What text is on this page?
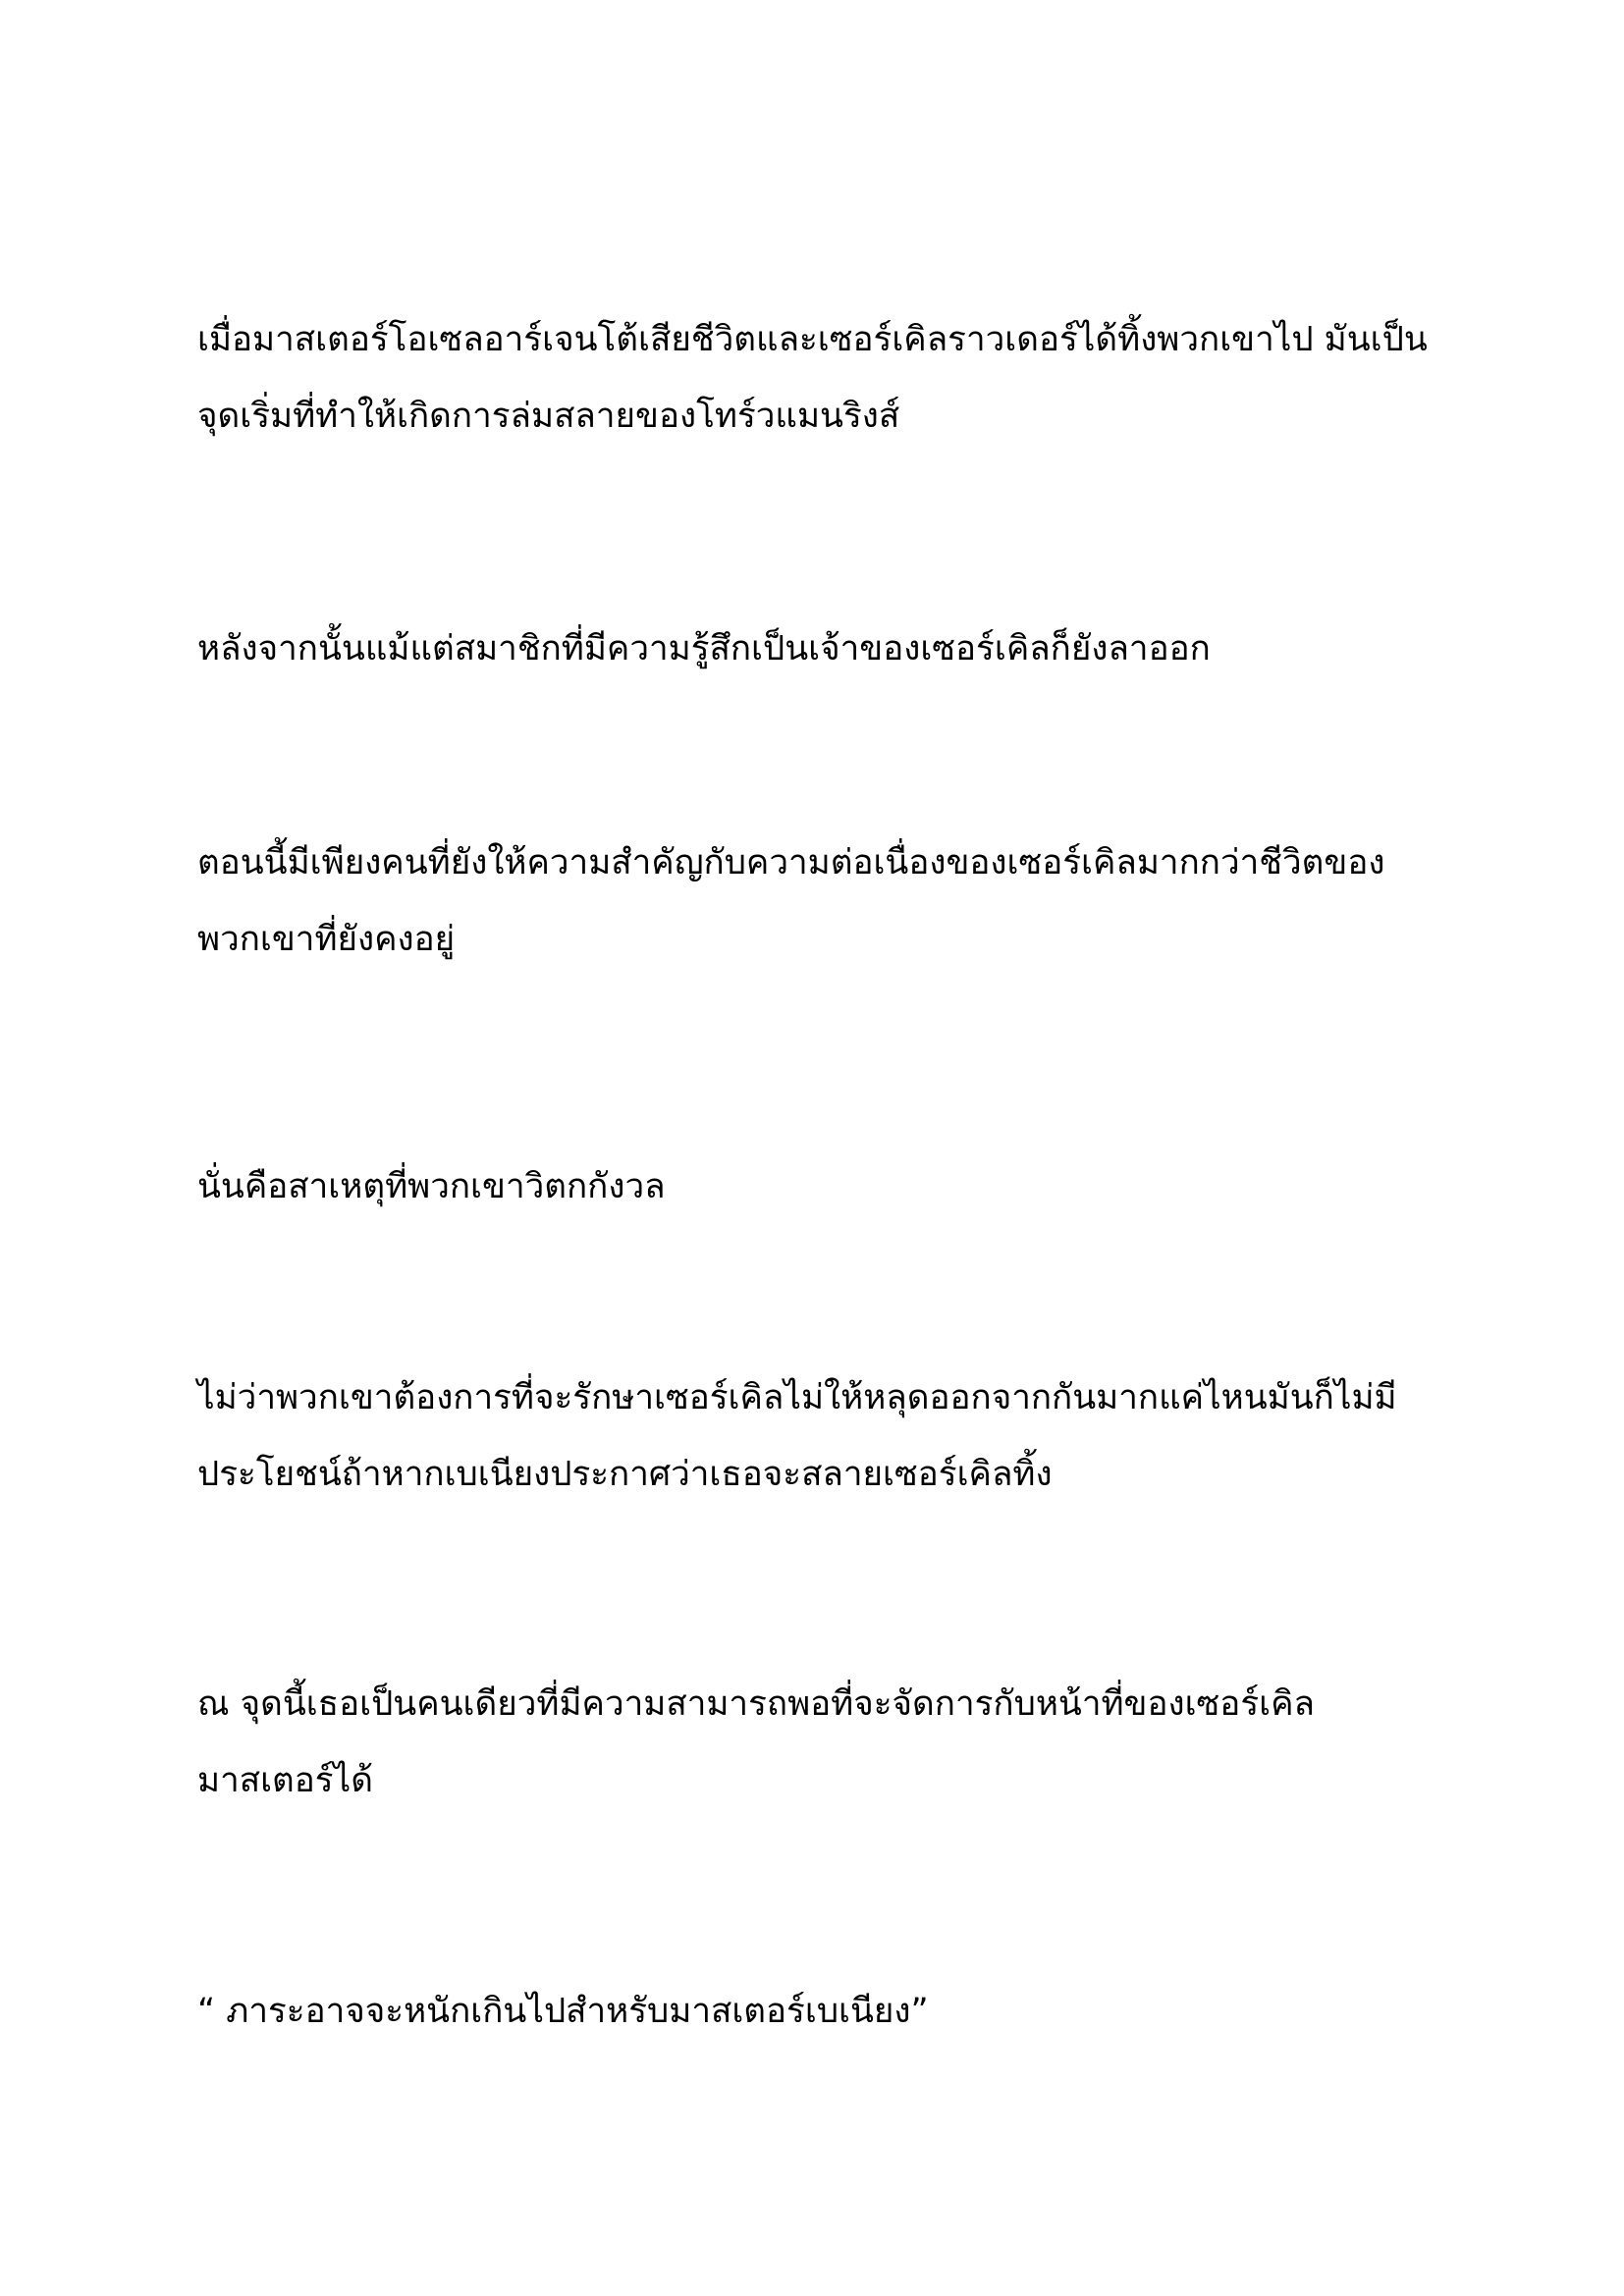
เมื่อมาสเตอร์โอเซลอาร์เจนโต้เสียชีวิตและเซอร์เคิลราวเดอร์ได้ทิ้งพวกเขาไป มันเป็น
จุดเริ่มที่ทำให้เกิดการล่มสลายของโทร์วแมนริงส์

หลังจากนั้นแม้แต่สมาชิกที่มีความรู้สึกเป็นเจ้าของเซอร์เคิลก็ยังลาออก

ตอนนี้มีเพียงคนที่ยังให้ความสำคัญกับความต่อเนื่องของเซอร์เคิลมากกว่าชีวิตของ
พวกเขาที่ยังคงอยู่

นั่นคือสาเหตุที่พวกเขาวิตกกังวล

ไม่ว่าพวกเขาต้องการที่จะรักษาเซอร์เคิลไม่ให้หลุดออกจากกันมากแค่ไหนมันก็ไม่มี
ประโยชน์ถ้าหากเบเนียงประกาศว่าเธอจะสลายเซอร์เคิลทิ้ง

ณ จุดนี้เธอเป็นคนเดียวที่มีความสามารถพอที่จะจัดการกับหน้าที่ของเซอร์เคิล
มาสเตอร์ได้

“ ภาระอาจจะหนักเกินไปสำหรับมาสเตอร์เบเนียง”
